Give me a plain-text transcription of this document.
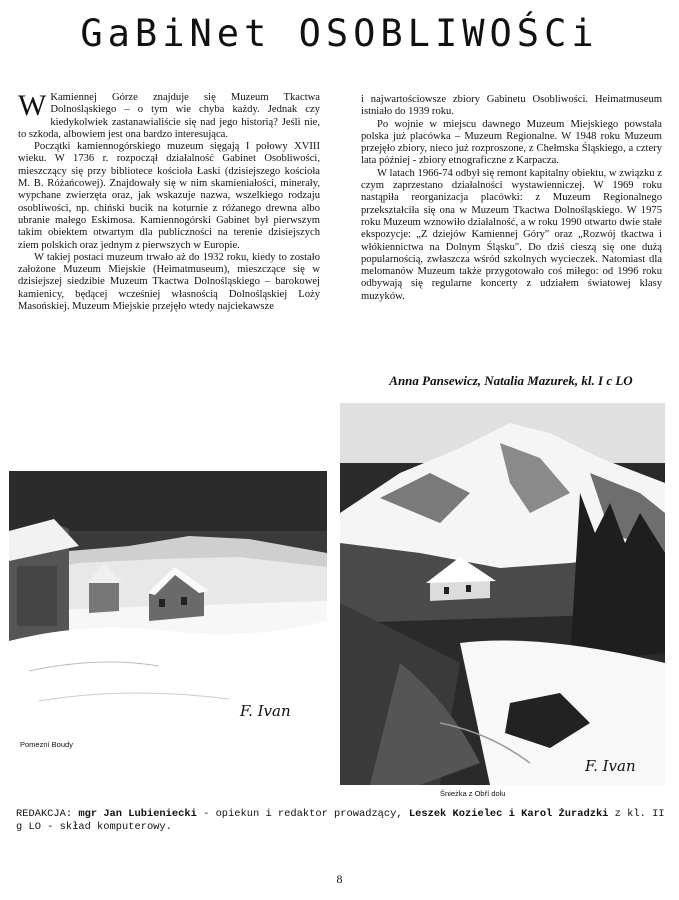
GaBiNet OSOBLIWOŚCi

W Kamiennej Górze znajduje się Muzeum Tkactwa Dolnośląskiego – o tym wie chyba każdy. Jednak czy kiedykolwiek zastanawialiście się nad jego historią? Jeśli nie, to szkoda, albowiem jest ona bardzo interesująca.

Początki kamiennogórskiego muzeum sięgają I połowy XVIII wieku. W 1736 r. rozpoczął działalność Gabinet Osobliwości, mieszczący się przy bibliotece kościoła Łaski (dzisiejszego kościoła M. B. Różańcowej). Znajdowały się w nim skamieniałości, minerały, wypchane zwierzęta oraz, jak wskazuje nazwa, wszelkiego rodzaju osobliwości, np. chiński bucik na koturnie z różanego drewna albo ubranie małego Eskimosa. Kamiennogórski Gabinet był pierwszym takim obiektem otwartym dla publiczności na terenie dzisiejszych ziem polskich oraz jednym z pierwszych w Europie.

W takiej postaci muzeum trwało aż do 1932 roku, kiedy to zostało założone Muzeum Miejskie (Heimatmuseum), mieszczące się w dzisiejszej siedzibie Muzeum Tkactwa Dolnośląskiego – barokowej kamienicy, będącej wcześniej własnością Dolnośląskiej Loży Masońskiej. Muzeum Miejskie przejęło wtedy najciekawsze

i najwartościowsze zbiory Gabinetu Osobliwości. Heimatmuseum istniało do 1939 roku.

Po wojnie w miejscu dawnego Muzeum Miejskiego powstała polska już placówka – Muzeum Regionalne. W 1948 roku Muzeum przejęło zbiory, nieco już rozproszone, z Chełmska Śląskiego, a cztery lata później - zbiory etnograficzne z Karpacza.

W latach 1966-74 odbył się remont kapitalny obiektu, w związku z czym zaprzestano działalności wystawienniczej. W 1969 roku nastąpiła reorganizacja placówki: z Muzeum Regionalnego przekształciła się ona w Muzeum Tkactwa Dolnośląskiego. W 1975 roku Muzeum wznowiło działalność, a w roku 1990 otwarto dwie stałe ekspozycje: „Z dziejów Kamiennej Góry" oraz „Rozwój tkactwa i włókiennictwa na Dolnym Śląsku". Do dziś cieszą się one dużą popularnością, zwłaszcza wśród szkolnych wycieczek. Natomiast dla melomanów Muzeum także przygotowało coś miłego: od 1996 roku odbywają się regularne koncerty z udziałem światowej klasy muzyków.

Anna Pansewicz, Natalia Mazurek, kl. I c LO
F. Ivan
Pomezní Boudy
F. Ivan
Śnieżka z Obří dolu
REDAKCJA: mgr Jan Lubieniecki - opiekun i redaktor prowadzący, Leszek Kozielec i Karol Żuradzki z kl. II g LO - skład komputerowy.
8
